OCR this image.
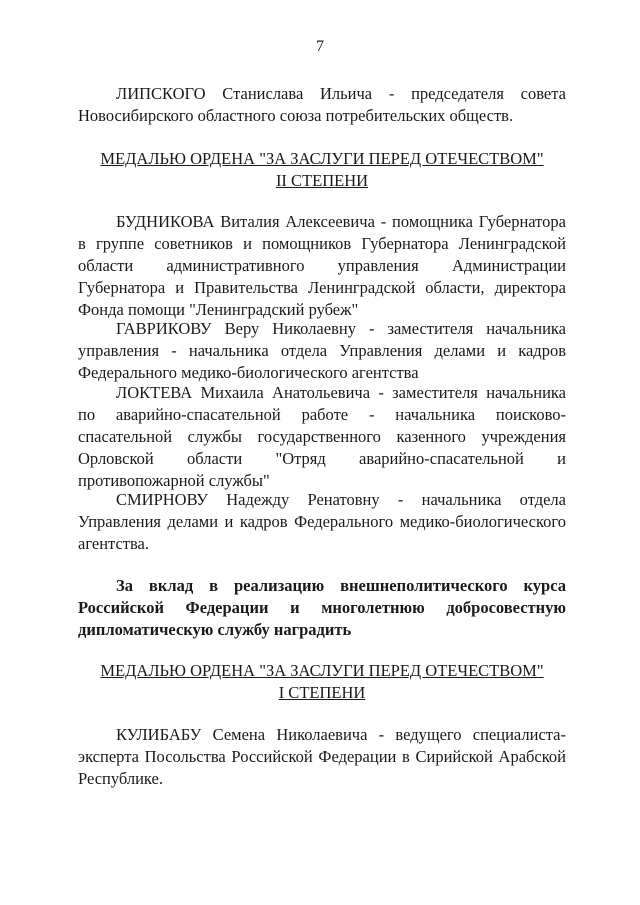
7

ЛИПСКОГО Станислава Ильича - председателя совета Новосибирского областного союза потребительских обществ.

МЕДАЛЬЮ ОРДЕНА "ЗА ЗАСЛУГИ ПЕРЕД ОТЕЧЕСТВОМ"

II СТЕПЕНИ

БУДНИКОВА Виталия Алексеевича - помощника Губернатора в группе советников и помощников Губернатора Ленинградской области административного управления Администрации Губернатора и Правительства Ленинградской области, директора Фонда помощи "Ленинградский рубеж"

ГАВРИКОВУ Веру Николаевну - заместителя начальника управления - начальника отдела Управления делами и кадров Федерального медико-биологического агентства

ЛОКТЕВА Михаила Анатольевича - заместителя начальника по аварийно-спасательной работе - начальника поисково-спасательной службы государственного казенного учреждения Орловской области "Отряд аварийно-спасательной и противопожарной службы"

СМИРНОВУ Надежду Ренатовну - начальника отдела Управления делами и кадров Федерального медико-биологического агентства.

За вклад в реализацию внешнеполитического курса Российской Федерации и многолетнюю добросовестную дипломатическую службу наградить

МЕДАЛЬЮ ОРДЕНА "ЗА ЗАСЛУГИ ПЕРЕД ОТЕЧЕСТВОМ"

I СТЕПЕНИ

КУЛИБАБУ Семена Николаевича - ведущего специалиста-эксперта Посольства Российской Федерации в Сирийской Арабской Республике.
